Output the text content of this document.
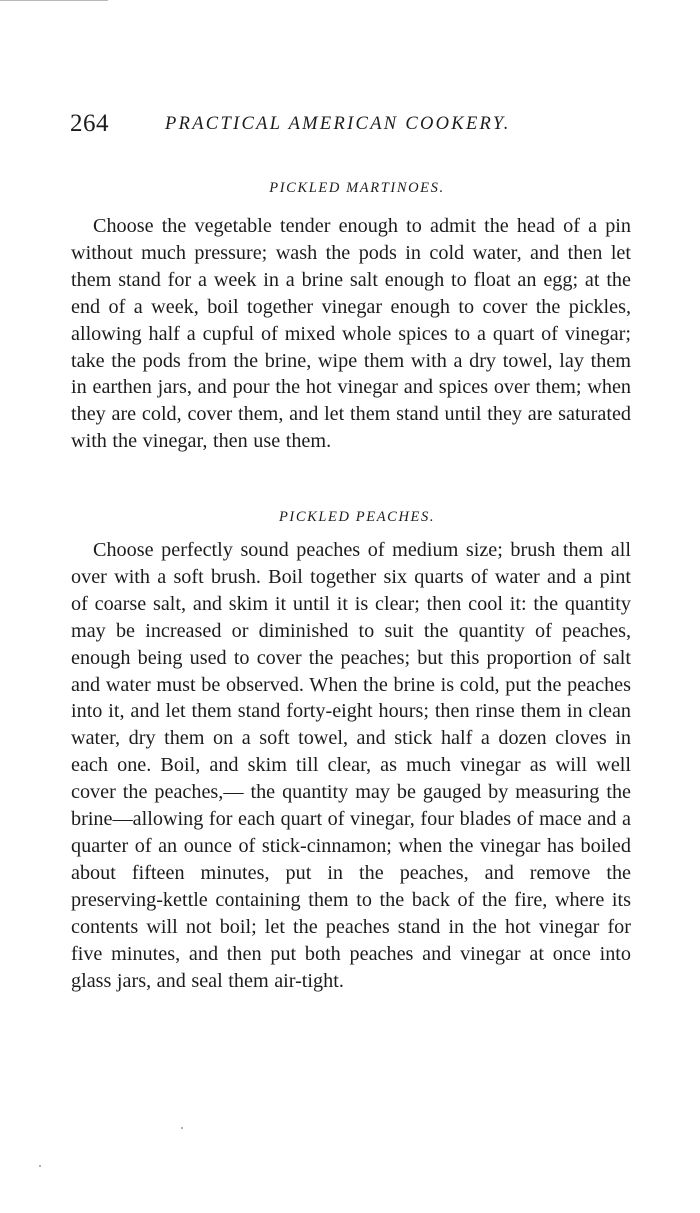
264	PRACTICAL AMERICAN COOKERY.
PICKLED MARTINOES.

Choose the vegetable tender enough to admit the head of a pin without much pressure; wash the pods in cold water, and then let them stand for a week in a brine salt enough to float an egg; at the end of a week, boil together vinegar enough to cover the pickles, allowing half a cupful of mixed whole spices to a quart of vinegar; take the pods from the brine, wipe them with a dry towel, lay them in earthen jars, and pour the hot vinegar and spices over them; when they are cold, cover them, and let them stand until they are saturated with the vinegar, then use them.

PICKLED PEACHES.

Choose perfectly sound peaches of medium size; brush them all over with a soft brush. Boil together six quarts of water and a pint of coarse salt, and skim it until it is clear; then cool it: the quantity may be increased or diminished to suit the quantity of peaches, enough being used to cover the peaches; but this proportion of salt and water must be observed. When the brine is cold, put the peaches into it, and let them stand forty-eight hours; then rinse them in clean water, dry them on a soft towel, and stick half a dozen cloves in each one. Boil, and skim till clear, as much vinegar as will well cover the peaches,— the quantity may be gauged by measuring the brine—allowing for each quart of vinegar, four blades of mace and a quarter of an ounce of stick-cinnamon; when the vinegar has boiled about fifteen minutes, put in the peaches, and remove the preserving-kettle containing them to the back of the fire, where its contents will not boil; let the peaches stand in the hot vinegar for five minutes, and then put both peaches and vinegar at once into glass jars, and seal them air-tight.
